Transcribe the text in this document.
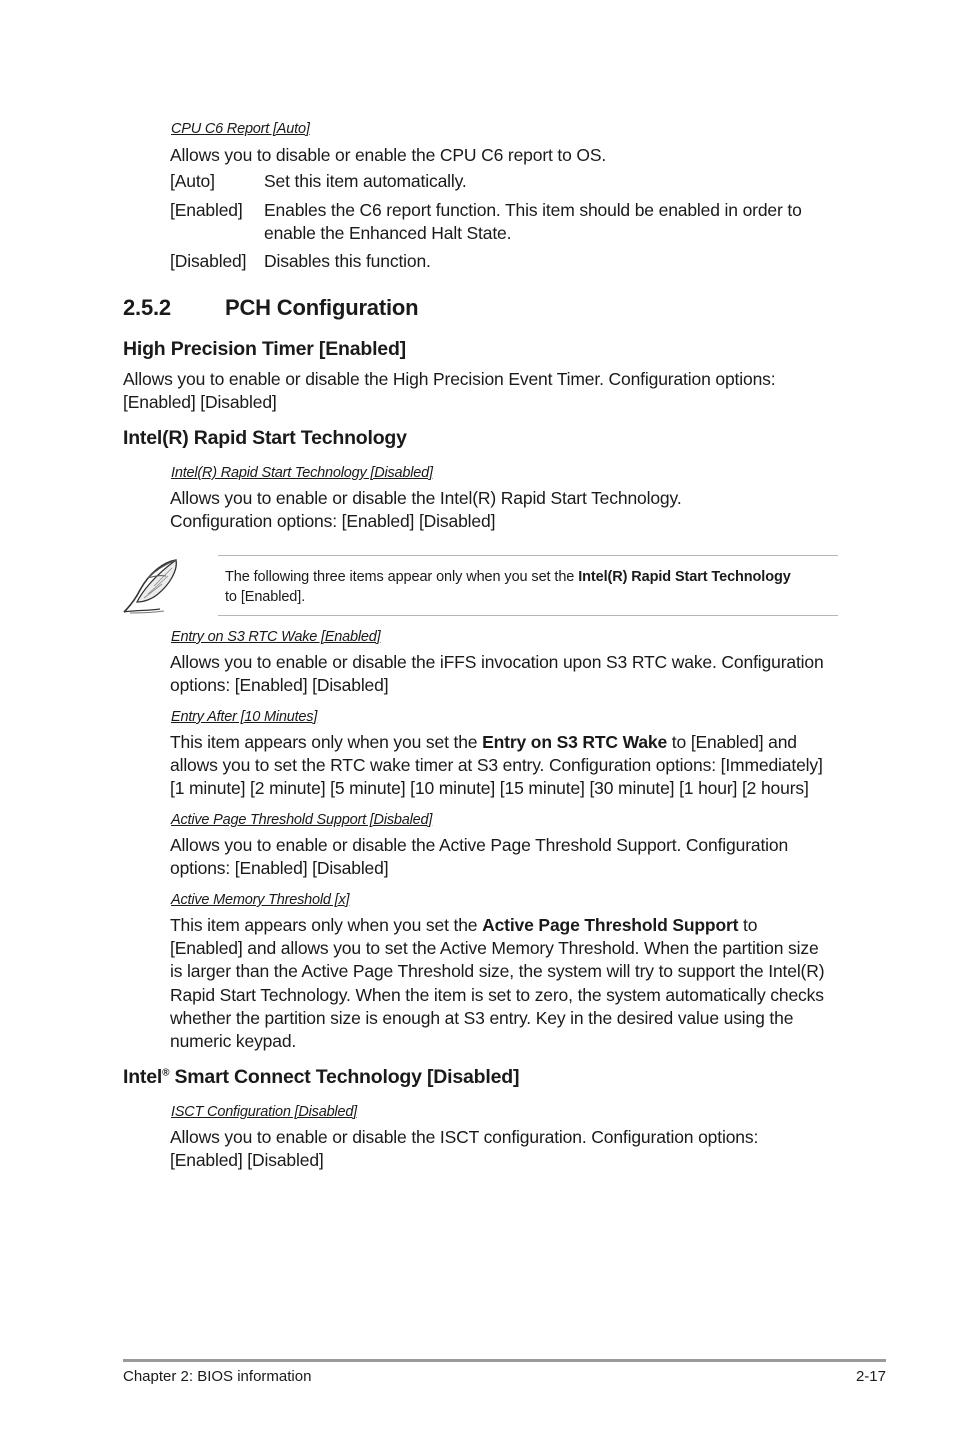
CPU C6 Report [Auto]
Allows you to disable or enable the CPU C6 report to OS.
[Auto]	Set this item automatically.
[Enabled] Enables the C6 report function. This item should be enabled in order to
enable the Enhanced Halt State.
[Disabled] Disables this function.
2.5.2 PCH Configuration
High Precision Timer [Enabled]
Allows you to enable or disable the High Precision Event Timer. Configuration options:
[Enabled] [Disabled]
Intel(R) Rapid Start Technology
Intel(R) Rapid Start Technology [Disabled]
Allows you to enable or disable the Intel(R) Rapid Start Technology.
Configuration options: [Enabled] [Disabled]
The following three items appear only when you set the Intel(R) Rapid Start Technology
to [Enabled].
Entry on S3 RTC Wake [Enabled]
Allows you to enable or disable the iFFS invocation upon S3 RTC wake. Configuration
options: [Enabled] [Disabled]
Entry After [10 Minutes]
This item appears only when you set the Entry on S3 RTC Wake to [Enabled] and
allows you to set the RTC wake timer at S3 entry. Configuration options: [Immediately]
[1 minute] [2 minute] [5 minute] [10 minute] [15 minute] [30 minute] [1 hour] [2 hours]
Active Page Threshold Support [Disbaled]
Allows you to enable or disable the Active Page Threshold Support. Configuration
options: [Enabled] [Disabled]
Active Memory Threshold [x]
This item appears only when you set the Active Page Threshold Support to
[Enabled] and allows you to set the Active Memory Threshold. When the partition size
is larger than the Active Page Threshold size, the system will try to support the Intel(R)
Rapid Start Technology. When the item is set to zero, the system automatically checks
whether the partition size is enough at S3 entry. Key in the desired value using the
numeric keypad.
Intel® Smart Connect Technology [Disabled]
ISCT Configuration [Disabled]
Allows you to enable or disable the ISCT configuration. Configuration options:
[Enabled] [Disabled]
Chapter 2: BIOS information	2-17
